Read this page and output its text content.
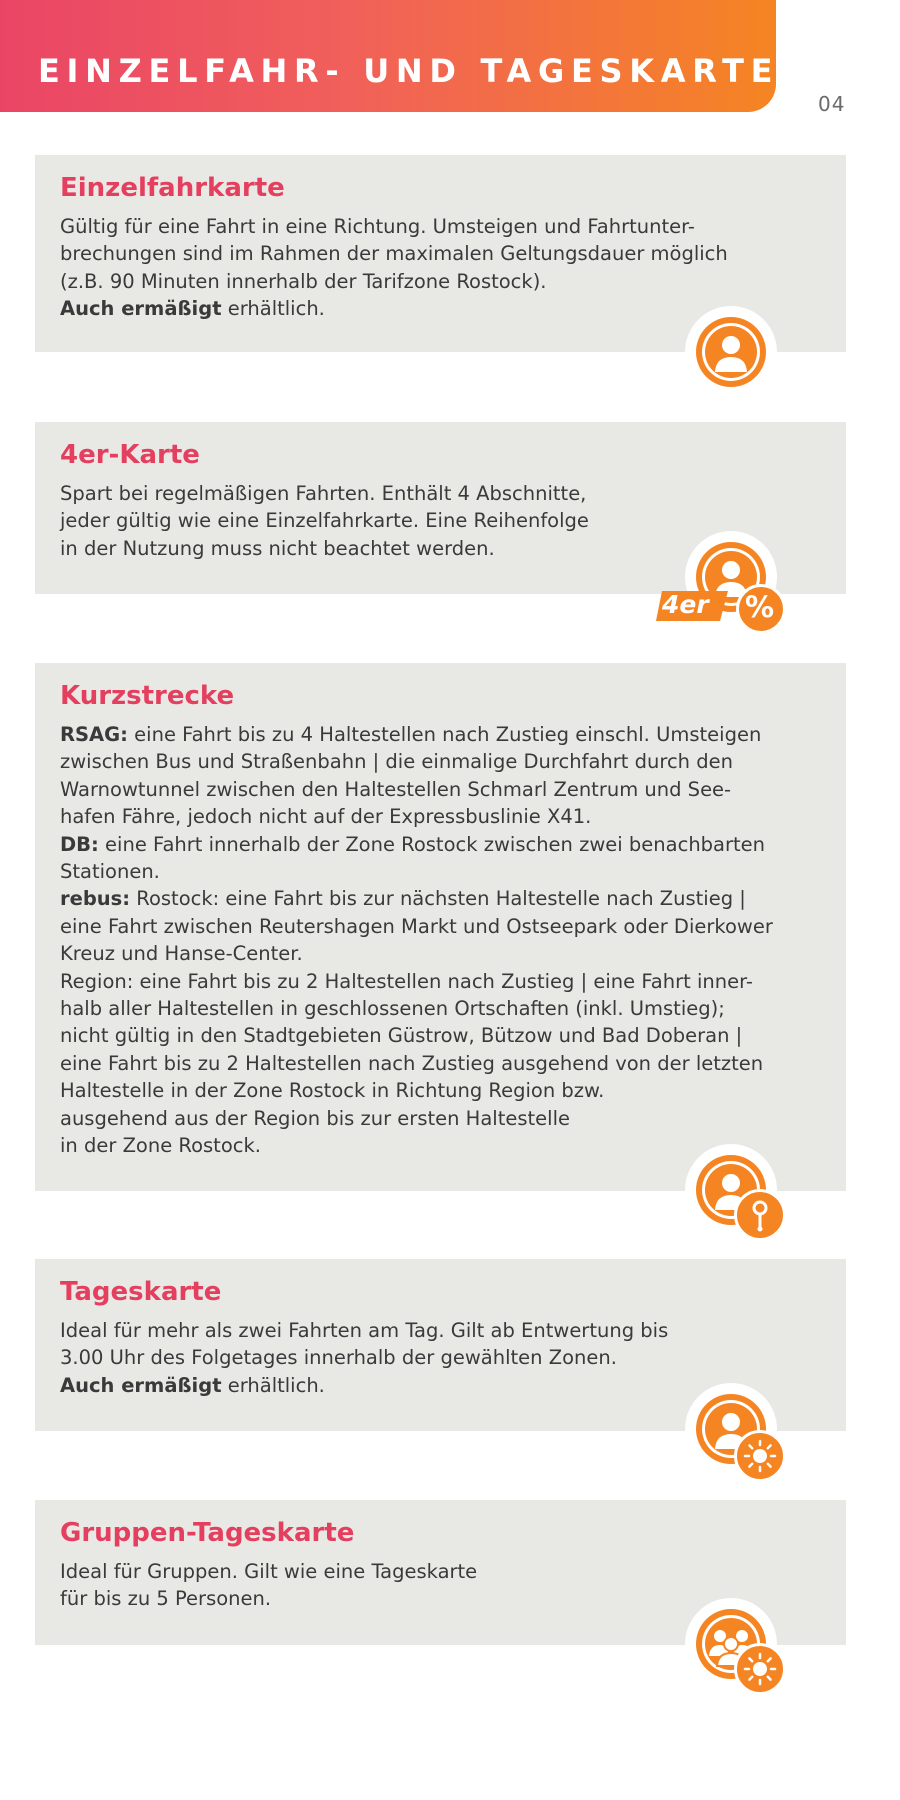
EINZELFAHR- UND TAGESKARTEN
04
Einzelfahrkarte

Gültig für eine Fahrt in eine Richtung. Umsteigen und Fahrtunter-

brechungen sind im Rahmen der maximalen Geltungsdauer möglich

(z.B. 90 Minuten innerhalb der Tarifzone Rostock).

Auch ermäßigt erhältlich.

4er-Karte

Spart bei regelmäßigen Fahrten. Enthält 4 Abschnitte,

jeder gültig wie eine Einzelfahrkarte. Eine Reihenfolge

in der Nutzung muss nicht beachtet werden.

4er %
Kurzstrecke

RSAG: eine Fahrt bis zu 4 Haltestellen nach Zustieg einschl. Umsteigen

zwischen Bus und Straßenbahn | die einmalige Durchfahrt durch den

Warnowtunnel zwischen den Haltestellen Schmarl Zentrum und See-

hafen Fähre, jedoch nicht auf der Expressbuslinie X41.

DB: eine Fahrt innerhalb der Zone Rostock zwischen zwei benachbarten

Stationen.

rebus: Rostock: eine Fahrt bis zur nächsten Haltestelle nach Zustieg |

eine Fahrt zwischen Reutershagen Markt und Ostseepark oder Dierkower

Kreuz und Hanse-Center.

Region: eine Fahrt bis zu 2 Haltestellen nach Zustieg | eine Fahrt inner-

halb aller Haltestellen in geschlossenen Ortschaften (inkl. Umstieg);

nicht gültig in den Stadtgebieten Güstrow, Bützow und Bad Doberan |

eine Fahrt bis zu 2 Haltestellen nach Zustieg ausgehend von der letzten

Haltestelle in der Zone Rostock in Richtung Region bzw.

ausgehend aus der Region bis zur ersten Haltestelle

in der Zone Rostock.

Tageskarte

Ideal für mehr als zwei Fahrten am Tag. Gilt ab Entwertung bis

3.00 Uhr des Folgetages innerhalb der gewählten Zonen.

Auch ermäßigt erhältlich.

Gruppen-Tageskarte

Ideal für Gruppen. Gilt wie eine Tageskarte

für bis zu 5 Personen.
